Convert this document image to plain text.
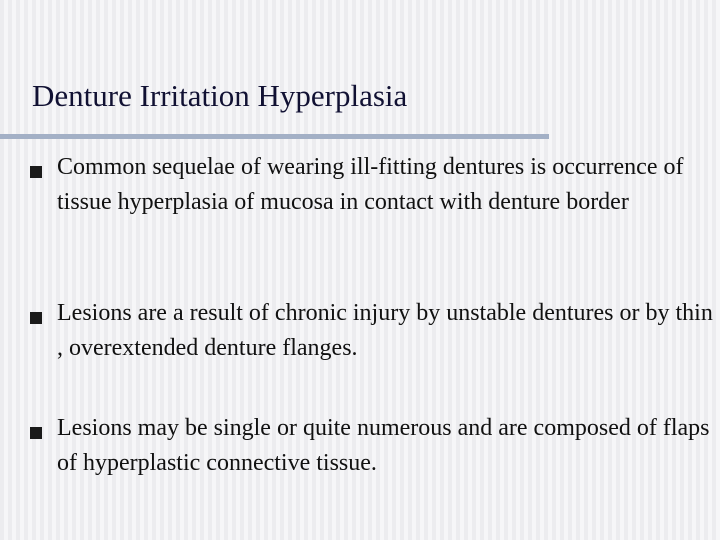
Denture Irritation Hyperplasia
Common sequelae of wearing ill-fitting dentures is occurrence of tissue hyperplasia of mucosa in contact with denture border
Lesions are a result of chronic injury by unstable dentures or by thin , overextended denture flanges.
Lesions may be single or quite numerous and are composed of flaps of hyperplastic connective tissue.
